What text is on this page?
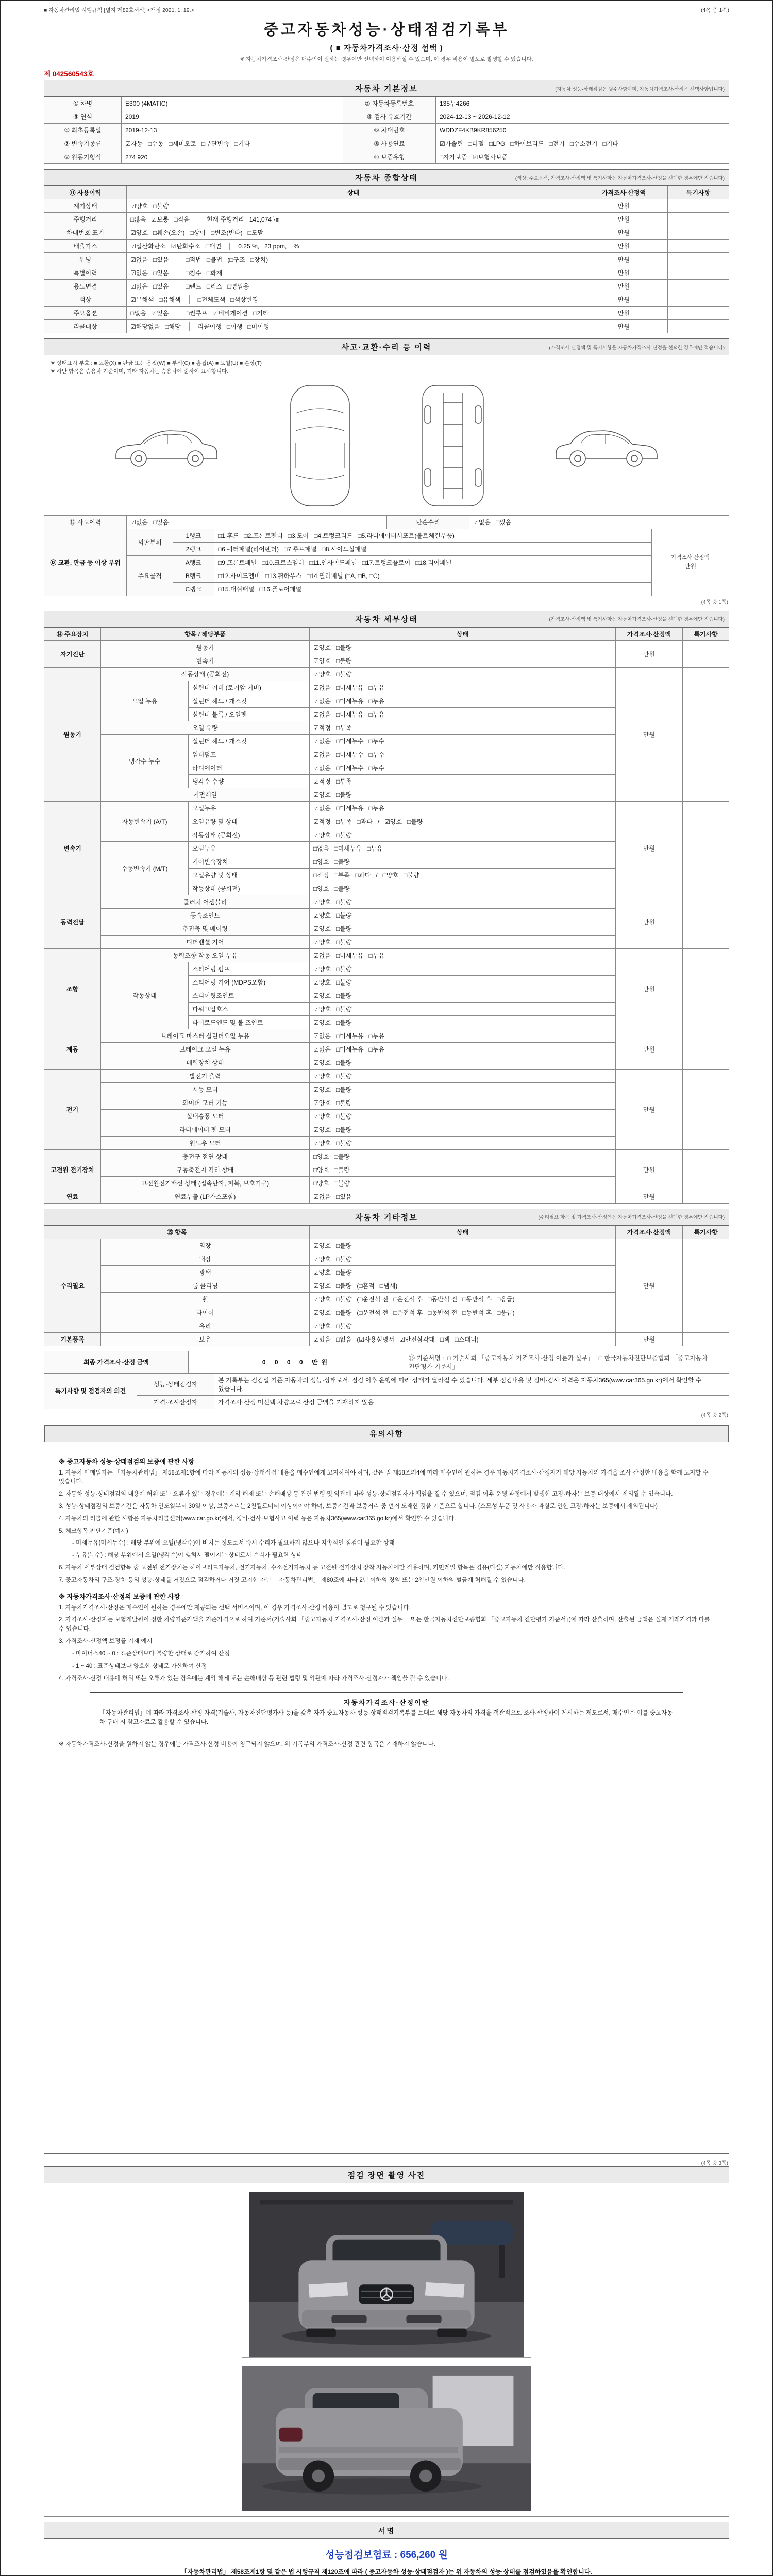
■ 자동차관리법 시행규칙 [별지 제82호서식] <개정 2021. 1. 19.>	(4쪽 중 1쪽)
중고자동차성능·상태점검기록부
( ■ 자동차가격조사·산정 선택 )
※ 자동차가격조사·산정은 매수인이 원하는 경우에만 선택하여 이용하실 수 있으며, 이 경우 비용이 별도로 발생할 수 있습니다.
제 042560543호
자동차 기본정보	(자동차 성능·상태점검은 필수사항이며, 자동차가격조사·산정은 선택사항입니다)
① 차명	E300 (4MATIC)	② 자동차등록번호	135누4266
③ 연식	2019	④ 검사 유효기간	2024-12-13 ~ 2026-12-12
⑤ 최초등록일	2019-12-13	⑥ 차대번호	WDDZF4KB9KR856250
⑦ 변속기종류	☑자동   □수동   □세미오토   □무단변속   □기타	⑧ 사용연료	☑가솔린   □디젤   □LPG   □하이브리드   □전기   □수소전기   □기타
⑨ 원동기형식	274 920	⑩ 보증유형	□자가보증   ☑보험사보증
자동차 종합상태	(색상, 주요옵션, 가격조사·산정액 및 특기사항은 자동차가격조사·산정을 선택한 경우에만 적습니다)
⑪ 사용이력	상태	가격조사·산정액	특기사항
계기상태	☑양호   □불량	만원	
주행거리	□많음   ☑보통   □적음 현재 주행거리   141,074 ㎞	만원	
차대번호 표기	☑양호   □훼손(오손)   □상이   □변조(변타)   □도말	만원	
배출가스	☑일산화탄소   ☑탄화수소   □매연 0.25 %,   23 ppm,    %	만원	
튜닝	☑없음   □있음 □적법   □불법   (□구조   □장치)	만원	
특별이력	☑없음   □있음 □침수   □화재	만원	
용도변경	☑없음   □있음 □렌트   □리스   □영업용	만원	
색상	☑무채색   □유채색 □전체도색   □색상변경	만원	
주요옵션	□없음   ☑있음 □썬루프   ☑네비게이션   □기타	만원	
리콜대상	☑해당없음   □해당 리콜이행   □이행   □미이행	만원	
사고·교환·수리 등 이력	(가격조사·산정액 및 특기사항은 자동차가격조사·산정을 선택한 경우에만 적습니다)
※ 상태표시 부호 : ■ 교환(X) ■ 판금 또는 용접(W) ■ 부식(C) ■ 흠집(A) ■ 요철(U) ■ 손상(T)
※ 하단 항목은 승용차 기준이며, 기타 자동차는 승용차에 준하여 표시합니다.
⑫ 사고이력	☑없음   □있음	단순수리	☑없음   □있음
⑬ 교환, 판금 등 이상 부위	외판부위	1랭크	□1.후드   □2.프론트펜더   □3.도어   □4.트렁크리드   □5.라디에이터서포트(볼트체결부품)	가격조사·산정액
만원

		2랭크	□6.쿼터패널(리어펜더)   □7.루프패널   □8.사이드실패널	
	주요골격	A랭크	□9.프론트패널   □10.크로스멤버   □11.인사이드패널   □17.트렁크플로어   □18.리어패널	
		B랭크	□12.사이드멤버   □13.휠하우스   □14.필러패널 (□A, □B, □C)	
		C랭크	□15.대쉬패널   □16.플로어패널	
(4쪽 중 1쪽)
자동차 세부상태	(가격조사·산정액 및 특기사항은 자동차가격조사·산정을 선택한 경우에만 적습니다)
⑭ 주요장치	항목 / 해당부품		상태	가격조사·산정액	특기사항
자기진단	원동기		☑양호   □불량	만원	
	변속기		☑양호   □불량		
원동기	작동상태 (공회전)		☑양호   □불량	만원	
	오일 누유	실린더 커버 (로커암 커버)	☑없음   □미세누유   □누유		
		실린더 헤드 / 개스킷	☑없음   □미세누유   □누유		
		실린더 블록 / 오일팬	☑없음   □미세누유   □누유		
	오일 유량		☑적정   □부족		
	냉각수 누수	실린더 헤드 / 개스킷	☑없음   □미세누수   □누수		
		워터펌프	☑없음   □미세누수   □누수		
		라디에이터	☑없음   □미세누수   □누수		
		냉각수 수량	☑적정   □부족		
	커먼레일		☑양호   □불량		
변속기	자동변속기 (A/T)	오일누유	☑없음   □미세누유   □누유	만원	
		오일유량 및 상태	☑적정   □부족   □과다   /   ☑양호   □불량		
		작동상태 (공회전)	☑양호   □불량		
	수동변속기 (M/T)	오일누유	□없음   □미세누유   □누유		
		기어변속장치	□양호   □불량		
		오일유량 및 상태	□적정   □부족   □과다   /   □양호   □불량		
		작동상태 (공회전)	□양호   □불량		
동력전달	클러치 어셈블리		☑양호   □불량	만원	
	등속조인트		☑양호   □불량		
	추진축 및 베어링		☑양호   □불량		
	디퍼렌셜 기어		☑양호   □불량		
조향	동력조향 작동 오일 누유		☑없음   □미세누유   □누유	만원	
	작동상태	스티어링 펌프	☑양호   □불량		
		스티어링 기어 (MDPS포함)	☑양호   □불량		
		스티어링조인트	☑양호   □불량		
		파워고압호스	☑양호   □불량		
		타이로드엔드 및 볼 조인트	☑양호   □불량		
제동	브레이크 마스터 실린더오일 누유		☑없음   □미세누유   □누유	만원	
	브레이크 오일 누유		☑없음   □미세누유   □누유		
	배력장치 상태		☑양호   □불량		
전기	발전기 출력		☑양호   □불량	만원	
	시동 모터		☑양호   □불량		
	와이퍼 모터 기능		☑양호   □불량		
	실내송풍 모터		☑양호   □불량		
	라디에이터 팬 모터		☑양호   □불량		
	윈도우 모터		☑양호   □불량		
고전원 전기장치	충전구 절연 상태		□양호   □불량	만원	
	구동축전지 격리 상태		□양호   □불량		
	고전원전기배선 상태 (접속단자, 피복, 보호기구)		□양호   □불량		
연료	연료누출 (LP가스포함)		☑없음   □있음	만원	
자동차 기타정보	(수리필요 항목 및 가격조사·산정액은 자동차가격조사·산정을 선택한 경우에만 적습니다)
⑮ 항목		상태	가격조사·산정액	특기사항
수리필요	외장	☑양호   □불량	만원	
	내장	☑양호   □불량		
	광택	☑양호   □불량		
	룸 클리닝	☑양호   □불량   (□흔적   □냄새)		
	휠	☑양호   □불량   (□운전석 전   □운전석 후   □동반석 전   □동반석 후   □응급)		
	타이어	☑양호   □불량   (□운전석 전   □운전석 후   □동반석 전   □동반석 후   □응급)		
	유리	☑양호   □불량		
기본품목	보유	☑있음   □없음   (☑사용설명서   ☑안전삼각대   □잭   □스패너)	만원	
최종 가격조사·산정 금액	0 0 0 0 만원	⑯ 기준서명 :  □ 기술사회 「중고자동차 가격조사·산정 이론과 실무」   □ 한국자동차진단보증협회 「중고자동차 진단평가 기준서」
특기사항 및 점검자의 의견	성능·상태점검자	본 기록부는 점검일 기준 자동차의 성능·상태로서, 점검 이후 운행에 따라 상태가 달라질 수 있습니다. 세부 점검내용 및 정비·검사 이력은 자동차365(www.car365.go.kr)에서 확인할 수 있습니다.
	가격·조사산정자	가격조사·산정 미선택 차량으로 산정 금액을 기재하지 않음
(4쪽 중 2쪽)
유의사항
※ 중고자동차 성능·상태점검의 보증에 관한 사항
1. 자동차 매매업자는 「자동차관리법」 제58조제1항에 따라 자동차의 성능·상태점검 내용을 매수인에게 고지하여야 하며, 같은 법 제58조의4에 따라 매수인이 원하는 경우 자동차가격조사·산정자가 해당 자동차의 가격을 조사·산정한 내용을 함께 고지할 수 있습니다.
2. 자동차 성능·상태점검의 내용에 허위 또는 오류가 있는 경우에는 계약 해제 또는 손해배상 등 관련 법령 및 약관에 따라 성능·상태점검자가 책임을 질 수 있으며, 점검 이후 운행 과정에서 발생한 고장·하자는 보증 대상에서 제외될 수 있습니다.
3. 성능·상태점검의 보증기간은 자동차 인도일부터 30일 이상, 보증거리는 2천킬로미터 이상이어야 하며, 보증기간과 보증거리 중 먼저 도래한 것을 기준으로 합니다. (소모성 부품 및 사용자 과실로 인한 고장·하자는 보증에서 제외됩니다)
4. 자동차의 리콜에 관한 사항은 자동차리콜센터(www.car.go.kr)에서, 정비·검사·보험사고 이력 등은 자동차365(www.car365.go.kr)에서 확인할 수 있습니다.
5. 체크항목 판단기준(예시)
- 미세누유(미세누수) : 해당 부위에 오일(냉각수)이 비치는 정도로서 즉시 수리가 필요하지 않으나 지속적인 점검이 필요한 상태
- 누유(누수) : 해당 부위에서 오일(냉각수)이 맺혀서 떨어지는 상태로서 수리가 필요한 상태
6. 자동차 세부상태 점검항목 중 고전원 전기장치는 하이브리드자동차, 전기자동차, 수소전기자동차 등 고전원 전기장치 장착 자동차에만 적용하며, 커먼레일 항목은 경유(디젤) 자동차에만 적용합니다.
7. 중고자동차의 구조·장치 등의 성능·상태를 거짓으로 점검하거나 거짓 고지한 자는 「자동차관리법」 제80조에 따라 2년 이하의 징역 또는 2천만원 이하의 벌금에 처해질 수 있습니다.
※ 자동차가격조사·산정의 보증에 관한 사항
1. 자동차가격조사·산정은 매수인이 원하는 경우에만 제공되는 선택 서비스이며, 이 경우 가격조사·산정 비용이 별도로 청구될 수 있습니다.
2. 가격조사·산정자는 보험개발원이 정한 차량기준가액을 기준가격으로 하여 기준서(기술사회 「중고자동차 가격조사·산정 이론과 실무」 또는 한국자동차진단보증협회 「중고자동차 진단평가 기준서」)에 따라 산출하며, 산출된 금액은 실제 거래가격과 다를 수 있습니다.
3. 가격조사·산정액 보정률 기재 예시
- 마이너스40 ~ 0 : 표준상태보다 불량한 상태로 감가하여 산정
- 1 ~ 40 : 표준상태보다 양호한 상태로 가산하여 산정
4. 가격조사·산정 내용에 허위 또는 오류가 있는 경우에는 계약 해제 또는 손해배상 등 관련 법령 및 약관에 따라 가격조사·산정자가 책임을 질 수 있습니다.
자동차가격조사·산정이란
「자동차관리법」에 따라 가격조사·산정 자격(기술사, 자동차진단평가사 등)을 갖춘 자가 중고자동차 성능·상태점검기록부를 토대로 해당 자동차의 가격을 객관적으로 조사·산정하여 제시하는 제도로서, 매수인은 이를 중고자동차 구매 시 참고자료로 활용할 수 있습니다.
※ 자동차가격조사·산정을 원하지 않는 경우에는 가격조사·산정 비용이 청구되지 않으며, 위 기록부의 가격조사·산정 관련 항목은 기재하지 않습니다.
(4쪽 중 3쪽)
점검 장면 촬영 사진
서명
성능점검보험료 : 656,260 원
「자동차관리법」 제58조제1항 및 같은 법 시행규칙 제120조에 따라 ( 중고자동차 성능·상태점검자 )는 위 자동차의 성능·상태를 점검하였음을 확인합니다.
